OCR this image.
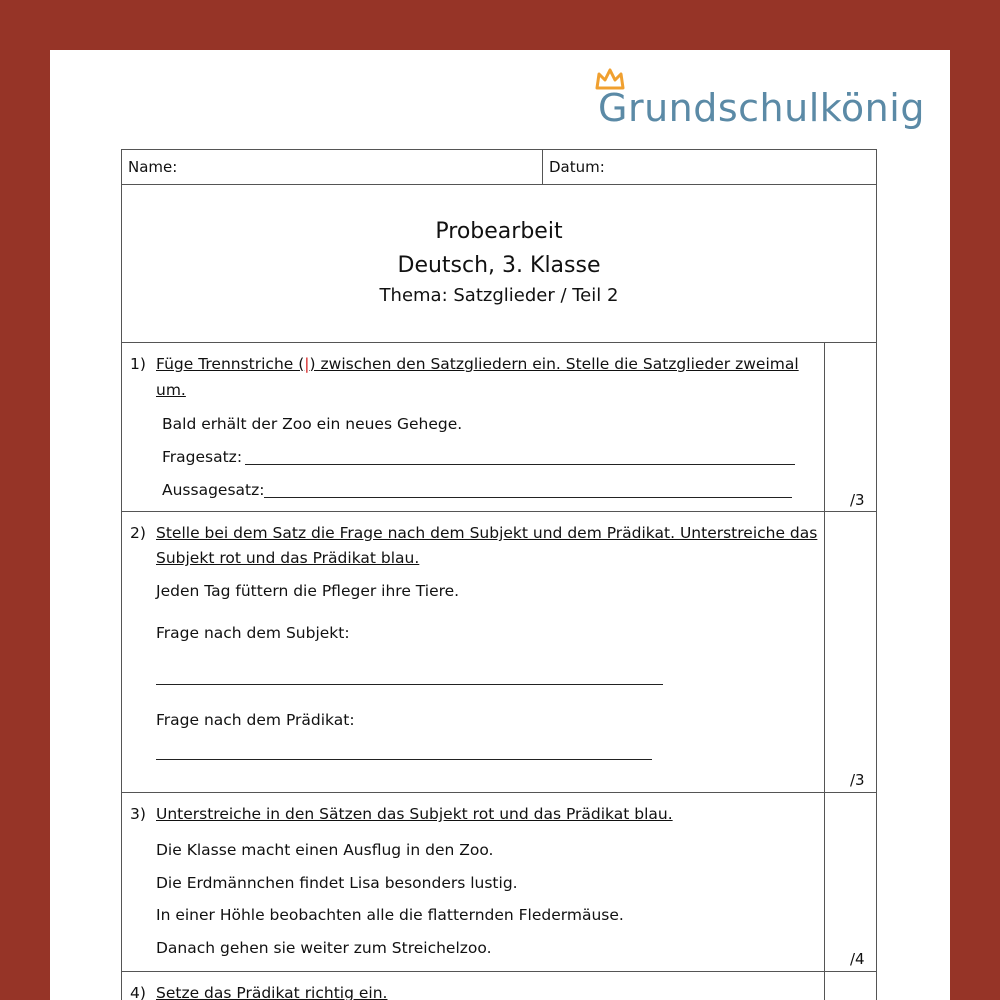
Grundschulkönig
Name:	Datum:
Probearbeit
Deutsch, 3. Klasse
Thema: Satzglieder / Teil 2
1) Füge Trennstriche (|) zwischen den Satzgliedern ein. Stelle die Satzglieder zweimal
um.
Bald erhält der Zoo ein neues Gehege.
Fragesatz:
Aussagesatz:
/3
2) Stelle bei dem Satz die Frage nach dem Subjekt und dem Prädikat. Unterstreiche das
Subjekt rot und das Prädikat blau.
Jeden Tag füttern die Pfleger ihre Tiere.
Frage nach dem Subjekt:
Frage nach dem Prädikat:
/3
3) Unterstreiche in den Sätzen das Subjekt rot und das Prädikat blau.
Die Klasse macht einen Ausflug in den Zoo.
Die Erdmännchen findet Lisa besonders lustig.
In einer Höhle beobachten alle die flatternden Fledermäuse.
Danach gehen sie weiter zum Streichelzoo.
/4
4) Setze das Prädikat richtig ein.
